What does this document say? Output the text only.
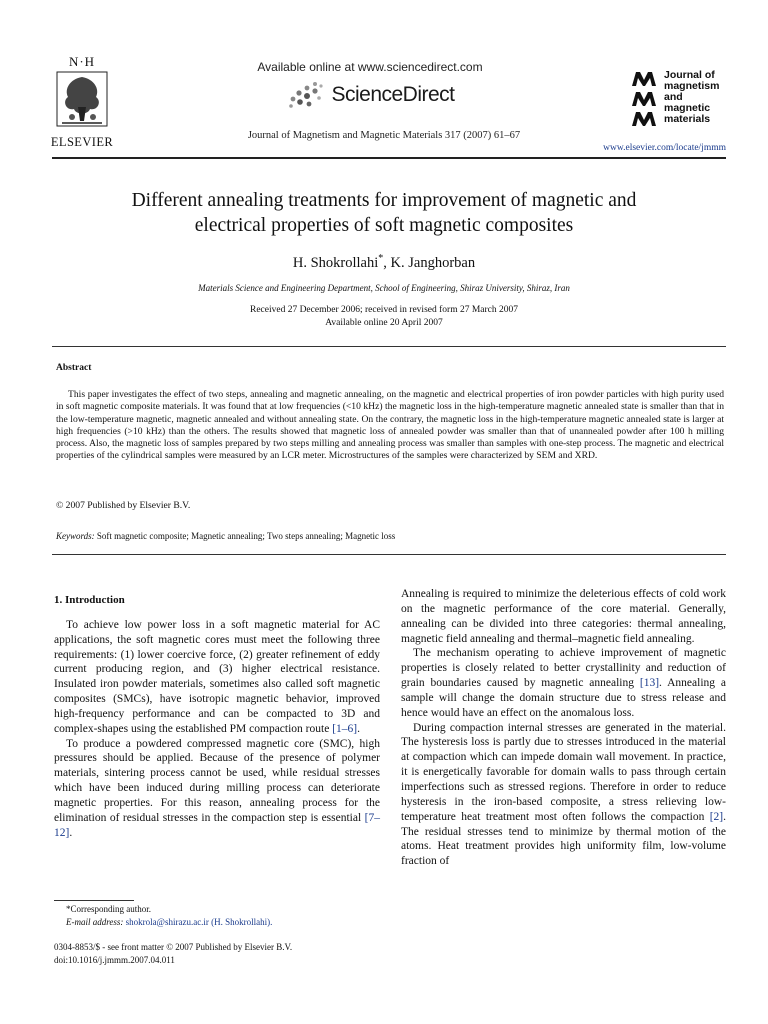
N·H
ELSEVIER
Available online at www.sciencedirect.com
ScienceDirect
Journal of Magnetism and Magnetic Materials 317 (2007) 61–67
Journal of
magnetism
and
magnetic
materials
www.elsevier.com/locate/jmmm
Different annealing treatments for improvement of magnetic and
electrical properties of soft magnetic composites
H. Shokrollahi*, K. Janghorban
Materials Science and Engineering Department, School of Engineering, Shiraz University, Shiraz, Iran
Received 27 December 2006; received in revised form 27 March 2007
Available online 20 April 2007
Abstract
This paper investigates the effect of two steps, annealing and magnetic annealing, on the magnetic and electrical properties of iron powder particles with high purity used in soft magnetic composite materials. It was found that at low frequencies (<10 kHz) the magnetic loss in the high-temperature magnetic annealed state is smaller than that in the low-temperature magnetic, magnetic annealed and without annealing state. On the contrary, the magnetic loss in the high-temperature magnetic annealed state is larger at high frequencies (>10 kHz) than the others. The results showed that magnetic loss of annealed powder was smaller than that of unannealed powder after 100 h milling process. Also, the magnetic loss of samples prepared by two steps milling and annealing process was smaller than samples with one-step process. The magnetic and electrical properties of the cylindrical samples were measured by an LCR meter. Microstructures of the samples were characterized by SEM and XRD.
© 2007 Published by Elsevier B.V.
Keywords: Soft magnetic composite; Magnetic annealing; Two steps annealing; Magnetic loss
1. Introduction
To achieve low power loss in a soft magnetic material for AC applications, the soft magnetic cores must meet the following three requirements: (1) lower coercive force, (2) greater refinement of eddy current producing region, and (3) higher electrical resistance. Insulated iron powder materials, sometimes also called soft magnetic composites (SMCs), have isotropic magnetic behavior, improved high-frequency performance and can be compacted to 3D and complex-shapes using the established PM compaction route [1–6].
To produce a powdered compressed magnetic core (SMC), high pressures should be applied. Because of the presence of polymer materials, sintering process cannot be used, while residual stresses which have been induced during milling process can deteriorate magnetic properties. For this reason, annealing process for the elimination of residual stresses in the compaction step is essential [7–12].
Annealing is required to minimize the deleterious effects of cold work on the magnetic performance of the core material. Generally, annealing can be divided into three categories: thermal annealing, magnetic field annealing and thermal–magnetic field annealing.
The mechanism operating to achieve improvement of magnetic properties is closely related to better crystallinity and reduction of grain boundaries caused by magnetic annealing [13]. Annealing a sample will change the domain structure due to stress release and hence would have an effect on the anomalous loss.
During compaction internal stresses are generated in the material. The hysteresis loss is partly due to stresses introduced in the material at compaction which can impede domain wall movement. In practice, it is energetically favorable for domain walls to pass through certain imperfections such as stressed regions. Therefore in order to reduce hysteresis in the iron-based composite, a stress relieving low-temperature heat treatment most often follows the compaction [2]. The residual stresses tend to minimize by thermal motion of the atoms. Heat treatment provides high uniformity film, low-volume fraction of
*Corresponding author.
E-mail address: shokrola@shirazu.ac.ir (H. Shokrollahi).
0304-8853/$ - see front matter © 2007 Published by Elsevier B.V.
doi:10.1016/j.jmmm.2007.04.011
